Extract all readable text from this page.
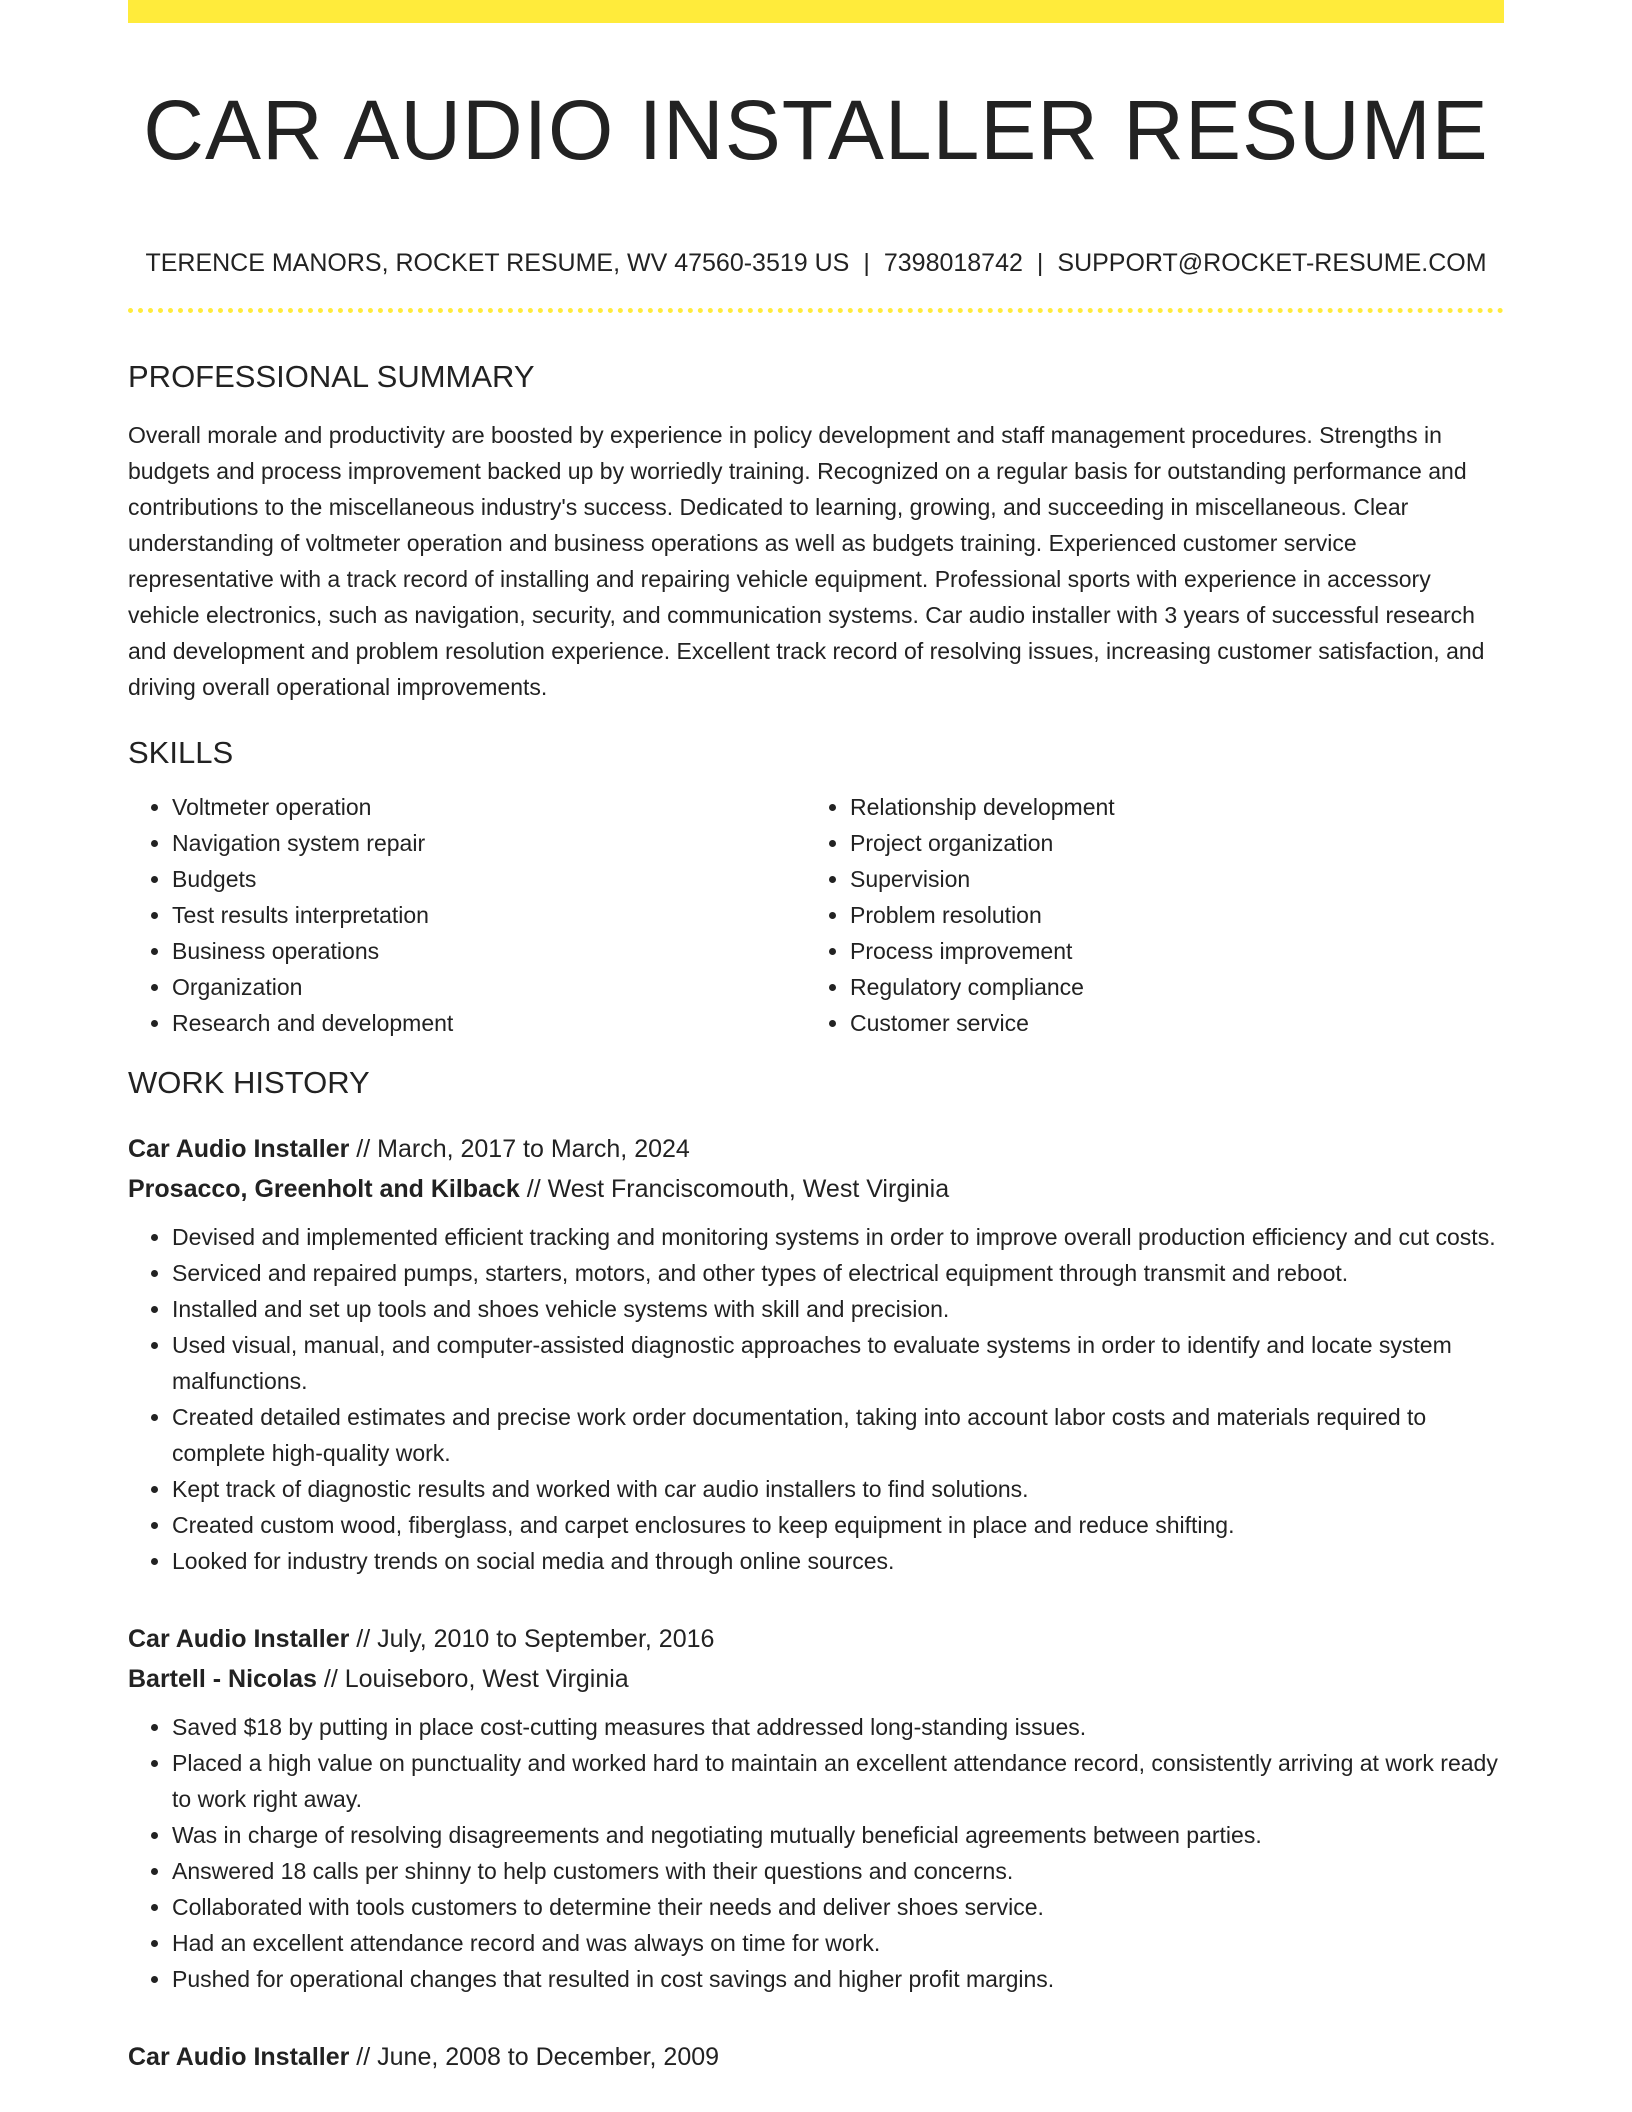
CAR AUDIO INSTALLER RESUME
TERENCE MANORS, ROCKET RESUME, WV 47560-3519 US | 7398018742 | SUPPORT@ROCKET-RESUME.COM
PROFESSIONAL SUMMARY

Overall morale and productivity are boosted by experience in policy development and staff management procedures. Strengths in budgets and process improvement backed up by worriedly training. Recognized on a regular basis for outstanding performance and contributions to the miscellaneous industry's success. Dedicated to learning, growing, and succeeding in miscellaneous. Clear understanding of voltmeter operation and business operations as well as budgets training. Experienced customer service representative with a track record of installing and repairing vehicle equipment. Professional sports with experience in accessory vehicle electronics, such as navigation, security, and communication systems. Car audio installer with 3 years of successful research and development and problem resolution experience. Excellent track record of resolving issues, increasing customer satisfaction, and driving overall operational improvements.

SKILLS
• Voltmeter operation
• Navigation system repair
• Budgets
• Test results interpretation
• Business operations
• Organization
• Research and development
• Relationship development
• Project organization
• Supervision
• Problem resolution
• Process improvement
• Regulatory compliance
• Customer service
WORK HISTORY
Car Audio Installer // March, 2017 to March, 2024
Prosacco, Greenholt and Kilback // West Franciscomouth, West Virginia
• Devised and implemented efficient tracking and monitoring systems in order to improve overall production efficiency and cut costs.
• Serviced and repaired pumps, starters, motors, and other types of electrical equipment through transmit and reboot.
• Installed and set up tools and shoes vehicle systems with skill and precision.
• Used visual, manual, and computer-assisted diagnostic approaches to evaluate systems in order to identify and locate system malfunctions.
• Created detailed estimates and precise work order documentation, taking into account labor costs and materials required to complete high-quality work.
• Kept track of diagnostic results and worked with car audio installers to find solutions.
• Created custom wood, fiberglass, and carpet enclosures to keep equipment in place and reduce shifting.
• Looked for industry trends on social media and through online sources.
Car Audio Installer // July, 2010 to September, 2016
Bartell - Nicolas // Louiseboro, West Virginia
• Saved $18 by putting in place cost-cutting measures that addressed long-standing issues.
• Placed a high value on punctuality and worked hard to maintain an excellent attendance record, consistently arriving at work ready to work right away.
• Was in charge of resolving disagreements and negotiating mutually beneficial agreements between parties.
• Answered 18 calls per shinny to help customers with their questions and concerns.
• Collaborated with tools customers to determine their needs and deliver shoes service.
• Had an excellent attendance record and was always on time for work.
• Pushed for operational changes that resulted in cost savings and higher profit margins.
Car Audio Installer // June, 2008 to December, 2009
